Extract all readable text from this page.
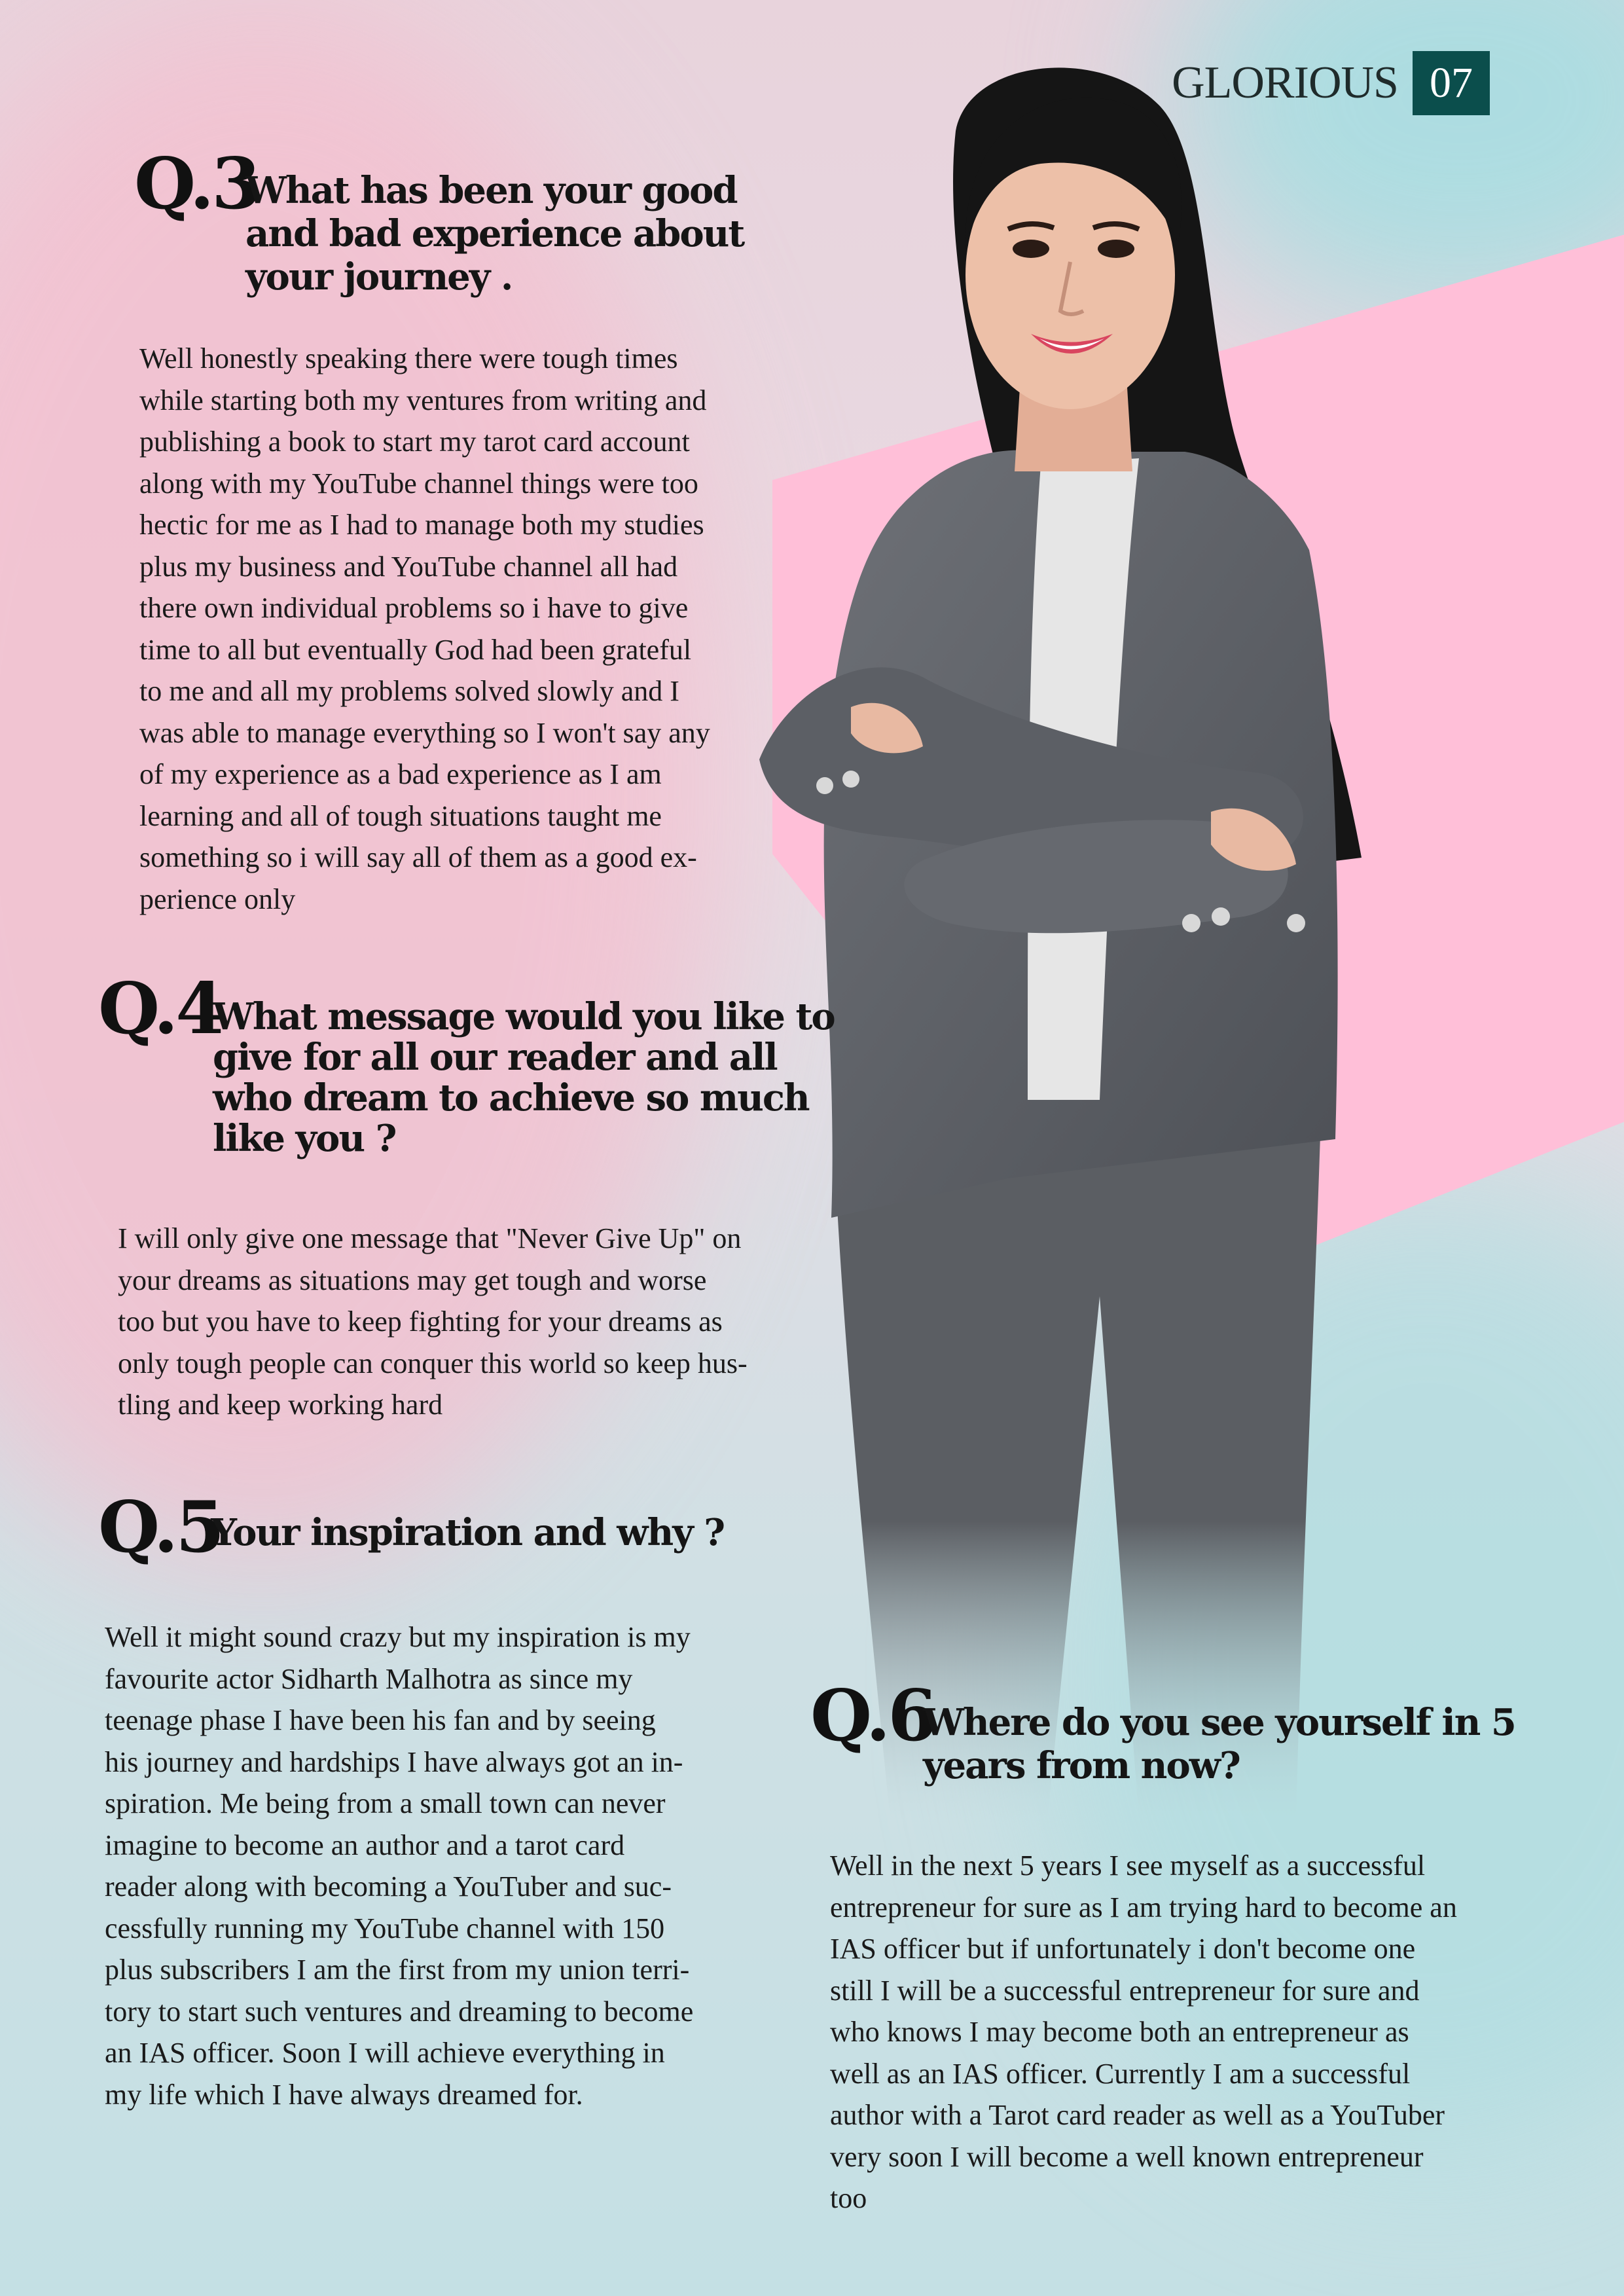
GLORIOUS 07
Q.3
What has been your good
and bad experience about
your journey .
Well honestly speaking there were tough times
while starting both my ventures from writing and
publishing a book to start my tarot card account
along with my YouTube channel things were too
hectic for me as I had to manage both my studies
plus my business and YouTube channel all had
there own individual problems so i have to give
time to all but eventually God had been grateful
to me and all my problems solved slowly and I
was able to manage everything so I won't say any
of my experience as a bad experience as I am
learning and all of tough situations taught me
something so i will say all of them as a good ex-
perience only
Q.4
What message would you like to
give for all our reader and all
who dream to achieve so much
like you ?
I will only give one message that "Never Give Up" on
your dreams as situations may get tough and worse
too but you have to keep fighting for your dreams as
only tough people can conquer this world so keep hus-
tling and keep working hard
Q.5
Your inspiration and why ?
Well it might sound crazy but my inspiration is my
favourite actor Sidharth Malhotra as since my
teenage phase I have been his fan and by seeing
his journey and hardships I have always got an in-
spiration. Me being from a small town can never
imagine to become an author and a tarot card
reader along with becoming a YouTuber and suc-
cessfully running my YouTube channel with 150
plus subscribers I am the first from my union terri-
tory to start such ventures and dreaming to become
an IAS officer. Soon I will achieve everything in
my life which I have always dreamed for.
Q.6
Where do you see yourself in 5
years from now?
Well in the next 5 years I see myself as a successful
entrepreneur for sure as I am trying hard to become an
IAS officer but if unfortunately i don't become one
still I will be a successful entrepreneur for sure and
who knows I may become both an entrepreneur as
well as an IAS officer. Currently I am a successful
author with a Tarot card reader as well as a YouTuber
very soon I will become a well known entrepreneur
too
